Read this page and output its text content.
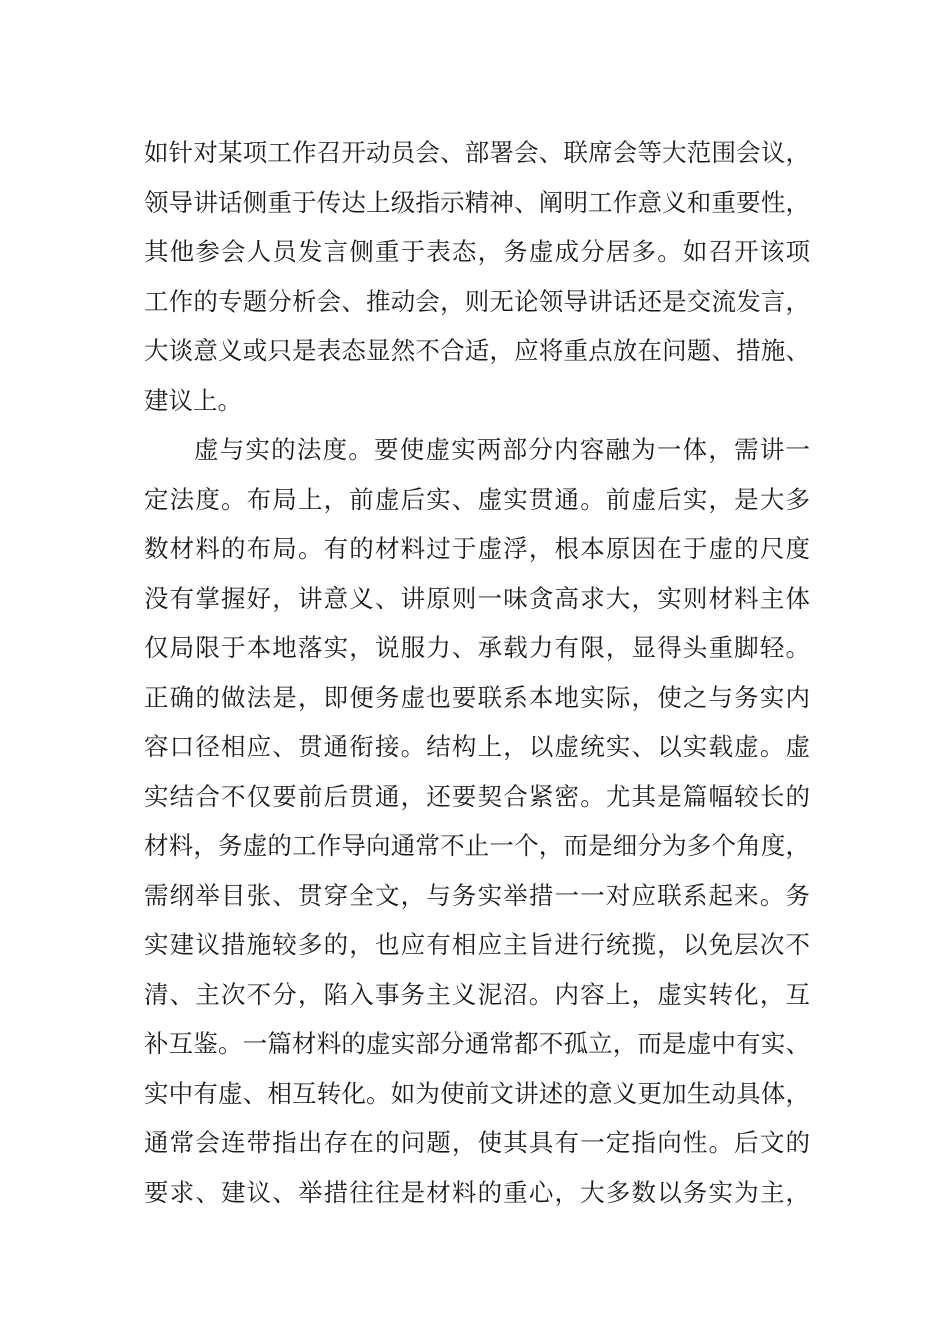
如针对某项工作召开动员会、部署会、联席会等大范围会议，
领导讲话侧重于传达上级指示精神、阐明工作意义和重要性，
其他参会人员发言侧重于表态，务虚成分居多。如召开该项
工作的专题分析会、推动会，则无论领导讲话还是交流发言，
大谈意义或只是表态显然不合适，应将重点放在问题、措施、
建议上。
虚与实的法度。要使虚实两部分内容融为一体，需讲一
定法度。布局上，前虚后实、虚实贯通。前虚后实，是大多
数材料的布局。有的材料过于虚浮，根本原因在于虚的尺度
没有掌握好，讲意义、讲原则一味贪高求大，实则材料主体
仅局限于本地落实，说服力、承载力有限，显得头重脚轻。
正确的做法是，即便务虚也要联系本地实际，使之与务实内
容口径相应、贯通衔接。结构上，以虚统实、以实载虚。虚
实结合不仅要前后贯通，还要契合紧密。尤其是篇幅较长的
材料，务虚的工作导向通常不止一个，而是细分为多个角度，
需纲举目张、贯穿全文，与务实举措一一对应联系起来。务
实建议措施较多的，也应有相应主旨进行统揽，以免层次不
清、主次不分，陷入事务主义泥沼。内容上，虚实转化，互
补互鉴。一篇材料的虚实部分通常都不孤立，而是虚中有实、
实中有虚、相互转化。如为使前文讲述的意义更加生动具体，
通常会连带指出存在的问题，使其具有一定指向性。后文的
要求、建议、举措往往是材料的重心，大多数以务实为主，
